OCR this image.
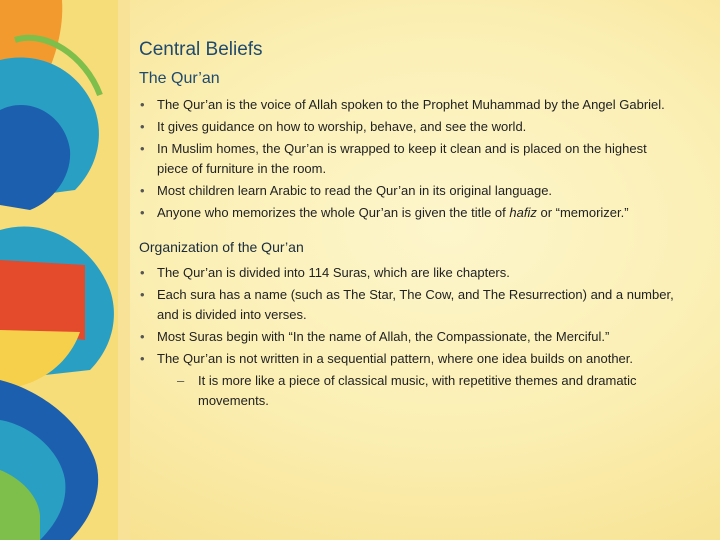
Central Beliefs
The Qur’an
• The Qur’an is the voice of Allah spoken to the Prophet Muhammad by the Angel Gabriel.
• It gives guidance on how to worship, behave, and see the world.
• In Muslim homes, the Qur’an is wrapped to keep it clean and is placed on the highest piece of furniture in the room.
• Most children learn Arabic to read the Qur’an in its original language.
• Anyone who memorizes the whole Qur’an is given the title of hafiz or “memorizer.”
Organization of the Qur’an
• The Qur’an is divided into 114 Suras, which are like chapters.
• Each sura has a name (such as The Star, The Cow, and The Resurrection) and a number, and is divided into verses.
• Most Suras begin with “In the name of Allah, the Compassionate, the Merciful.”
• The Qur’an is not written in a sequential pattern, where one idea builds on another.
– It is more like a piece of classical music, with repetitive themes and dramatic movements.
